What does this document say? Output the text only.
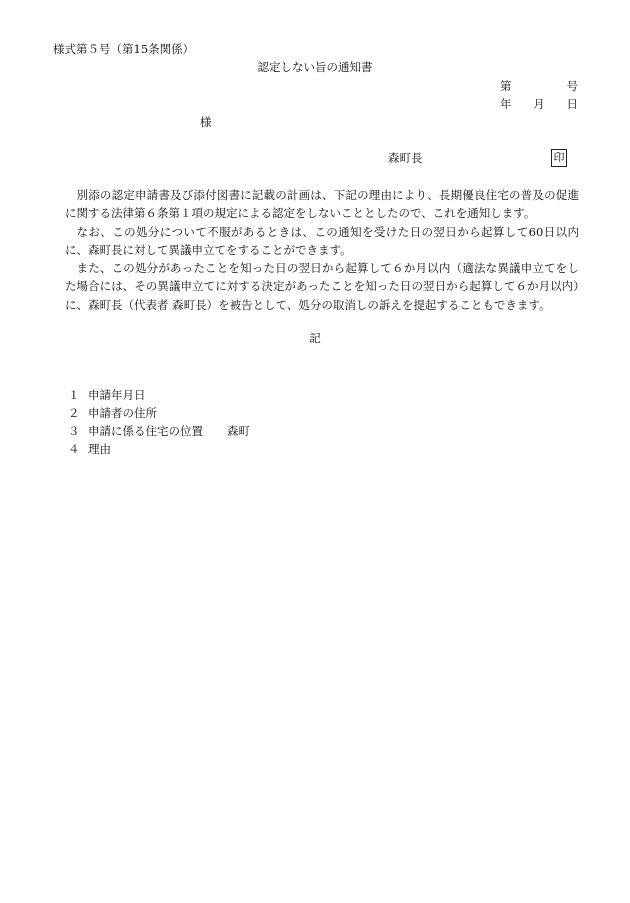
様式第５号（第15条関係）
認定しない旨の通知書
第	号
年 月 日
様
森町長	印

別添の認定申請書及び添付図書に記載の計画は、下記の理由により、長期優良住宅の普及の促進に関する法律第６条第１項の規定による認定をしないこととしたので、これを通知します。

なお、この処分について不服があるときは、この通知を受けた日の翌日から起算して60日以内に、森町長に対して異議申立てをすることができます。

また、この処分があったことを知った日の翌日から起算して６か月以内（適法な異議申立てをした場合には、その異議申立てに対する決定があったことを知った日の翌日から起算して６か月以内）に、森町長（代表者 森町長）を被告として、処分の取消しの訴えを提起することもできます。

記
１ 申請年月日
２ 申請者の住所
３ 申請に係る住宅の位置 森町
４ 理由
